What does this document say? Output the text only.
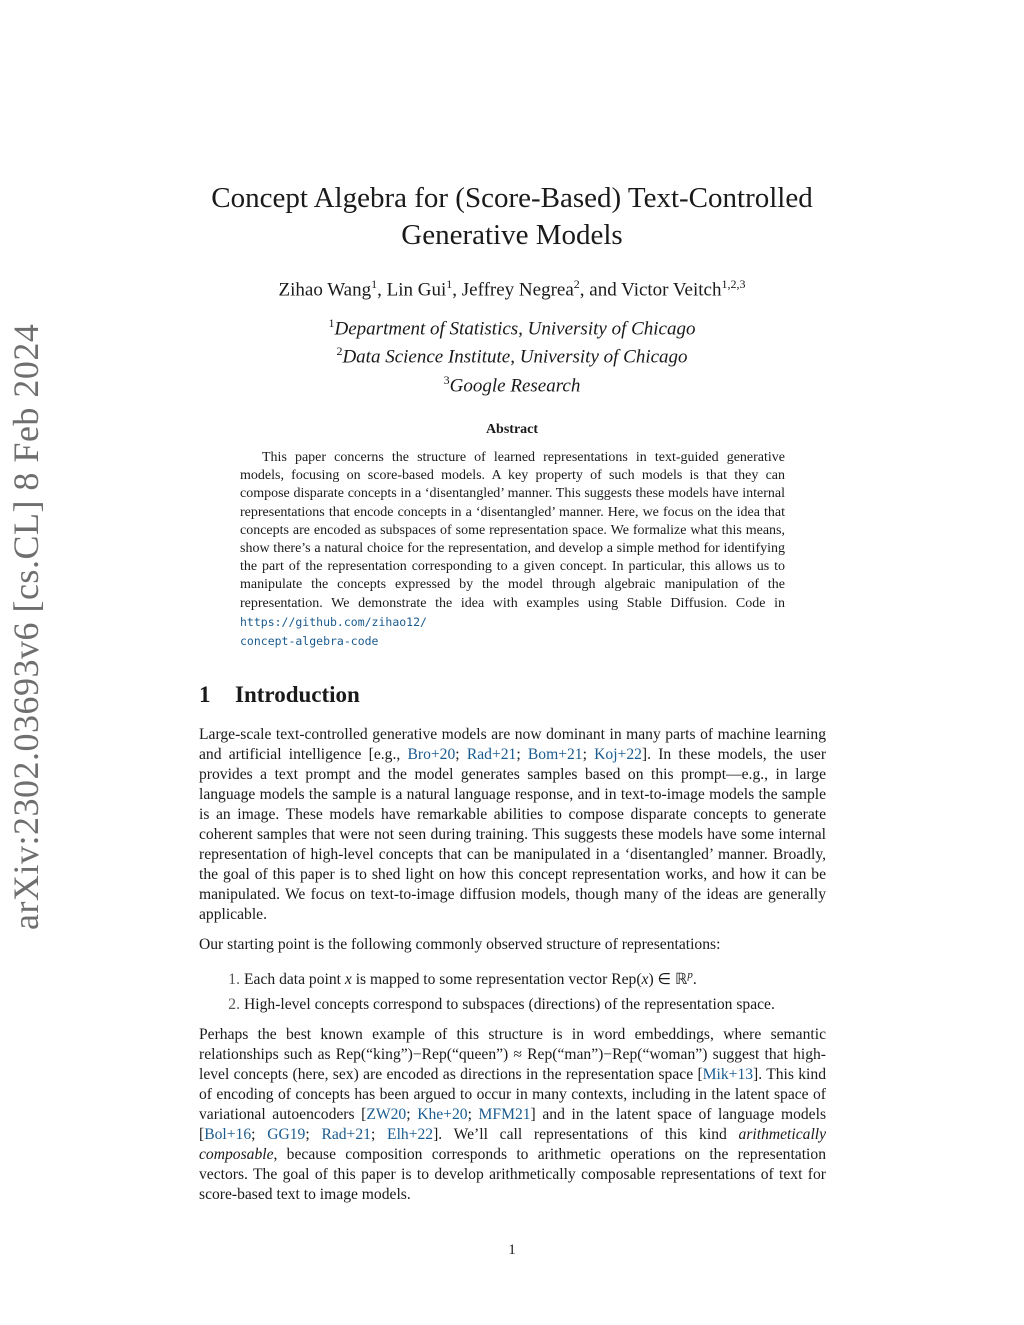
arXiv:2302.03693v6 [cs.CL] 8 Feb 2024
Concept Algebra for (Score-Based) Text-Controlled
Generative Models
Zihao Wang$^1$, Lin Gui$^1$, Jeffrey Negrea$^2$, and Victor Veitch$^{1,2,3}$
$^1$Department of Statistics, University of Chicago
$^2$Data Science Institute, University of Chicago
$^3$Google Research
Abstract
This paper concerns the structure of learned representations in text-guided generative models, focusing on score-based models. A key property of such models is that they can compose disparate concepts in a ‘disentangled’ manner. This suggests these models have internal representations that encode concepts in a ‘disentangled’ manner. Here, we focus on the idea that concepts are encoded as subspaces of some representation space. We formalize what this means, show there’s a natural choice for the representation, and develop a simple method for identifying the part of the representation corresponding to a given concept. In particular, this allows us to manipulate the concepts expressed by the model through algebraic manipulation of the representation. We demonstrate the idea with examples using Stable Diffusion. Code in https://github.com/zihao12/
concept-algebra-code
1 Introduction
Large-scale text-controlled generative models are now dominant in many parts of machine learning and artificial intelligence [e.g., Bro+20; Rad+21; Bom+21; Koj+22]. In these models, the user provides a text prompt and the model generates samples based on this prompt—e.g., in large language models the sample is a natural language response, and in text-to-image models the sample is an image. These models have remarkable abilities to compose disparate concepts to generate coherent samples that were not seen during training. This suggests these models have some internal representation of high-level concepts that can be manipulated in a ‘disentangled’ manner. Broadly, the goal of this paper is to shed light on how this concept representation works, and how it can be manipulated. We focus on text-to-image diffusion models, though many of the ideas are generally applicable.
Our starting point is the following commonly observed structure of representations:
1. Each data point x is mapped to some representation vector Rep(x) ∈ ℝ$^p$.
2. High-level concepts correspond to subspaces (directions) of the representation space.
Perhaps the best known example of this structure is in word embeddings, where semantic relationships such as Rep(“king”)−Rep(“queen”) ≈ Rep(“man”)−Rep(“woman”) suggest that high-level concepts (here, sex) are encoded as directions in the representation space [Mik+13]. This kind of encoding of concepts has been argued to occur in many contexts, including in the latent space of variational autoencoders [ZW20; Khe+20; MFM21] and in the latent space of language models [Bol+16; GG19; Rad+21; Elh+22]. We’ll call representations of this kind arithmetically composable, because composition corresponds to arithmetic operations on the representation vectors. The goal of this paper is to develop arithmetically composable representations of text for score-based text to image models.
1
